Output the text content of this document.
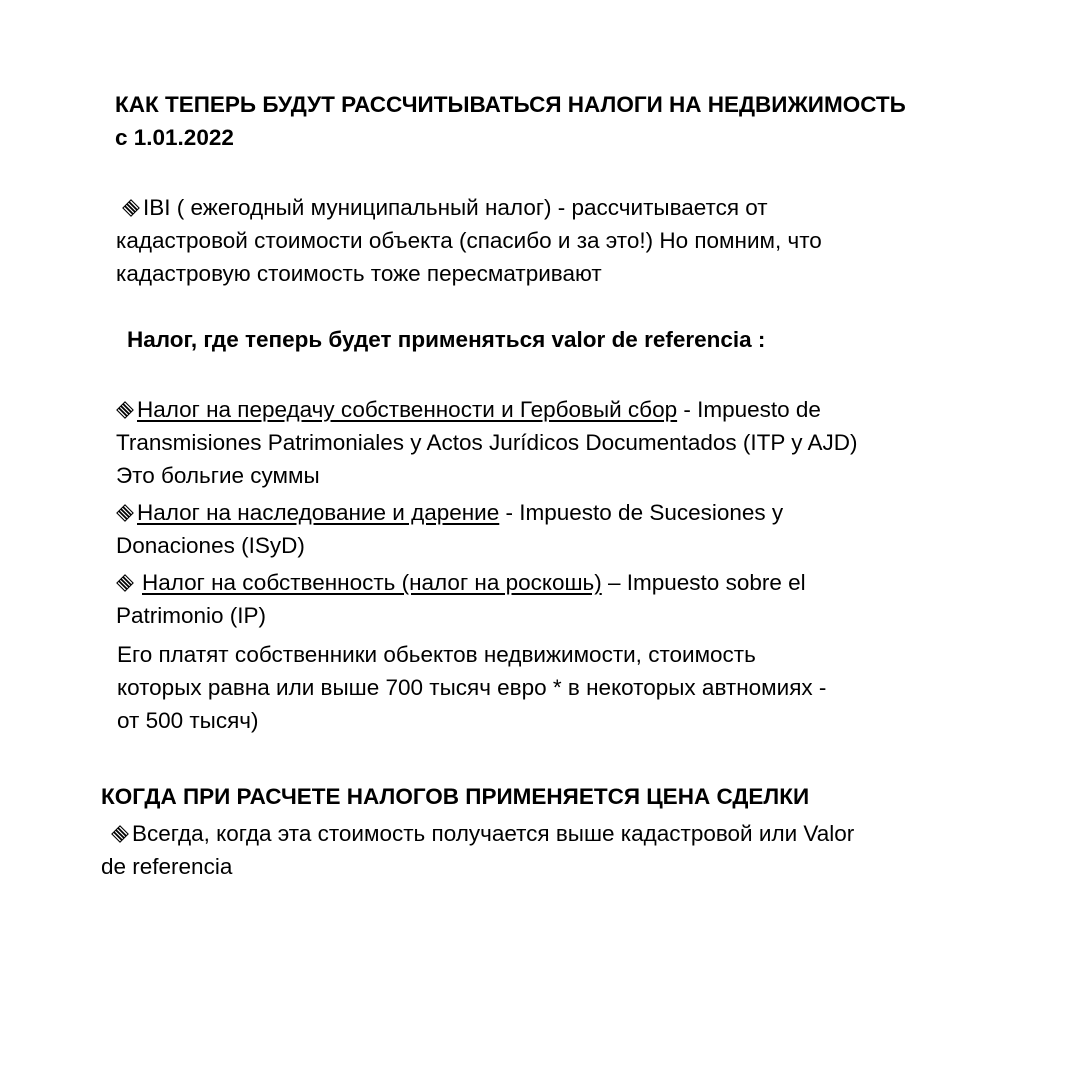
КАК ТЕПЕРЬ БУДУТ РАССЧИТЫВАТЬСЯ НАЛОГИ НА НЕДВИЖИМОСТЬ
с 1.01.2022
IBI ( ежегодный муниципальный налог) - рассчитывается от
кадастровой стоимости объекта (спасибо и за это!) Но помним, что
кадастровую стоимость тоже пересматривают
Налог, где теперь будет применяться valor de referencia :
Налог на передачу собственности и Гербовый сбор - Impuesto de
Transmisiones Patrimoniales y Actos Jurídicos Documentados (ITP y AJD)
Это больгие суммы
Налог на наследование и дарение - Impuesto de Sucesiones y
Donaciones (ISyD)
Налог на собственность (налог на роскошь) – Impuesto sobre el
Patrimonio (IP)
Его платят собственники обьектов недвижимости, стоимость
которых равна или выше 700 тысяч евро * в некоторых автномиях -
от 500 тысяч)
КОГДА ПРИ РАСЧЕТЕ НАЛОГОВ ПРИМЕНЯЕТСЯ ЦЕНА СДЕЛКИ
Всегда, когда эта стоимость получается выше кадастровой или Valor
de referencia
